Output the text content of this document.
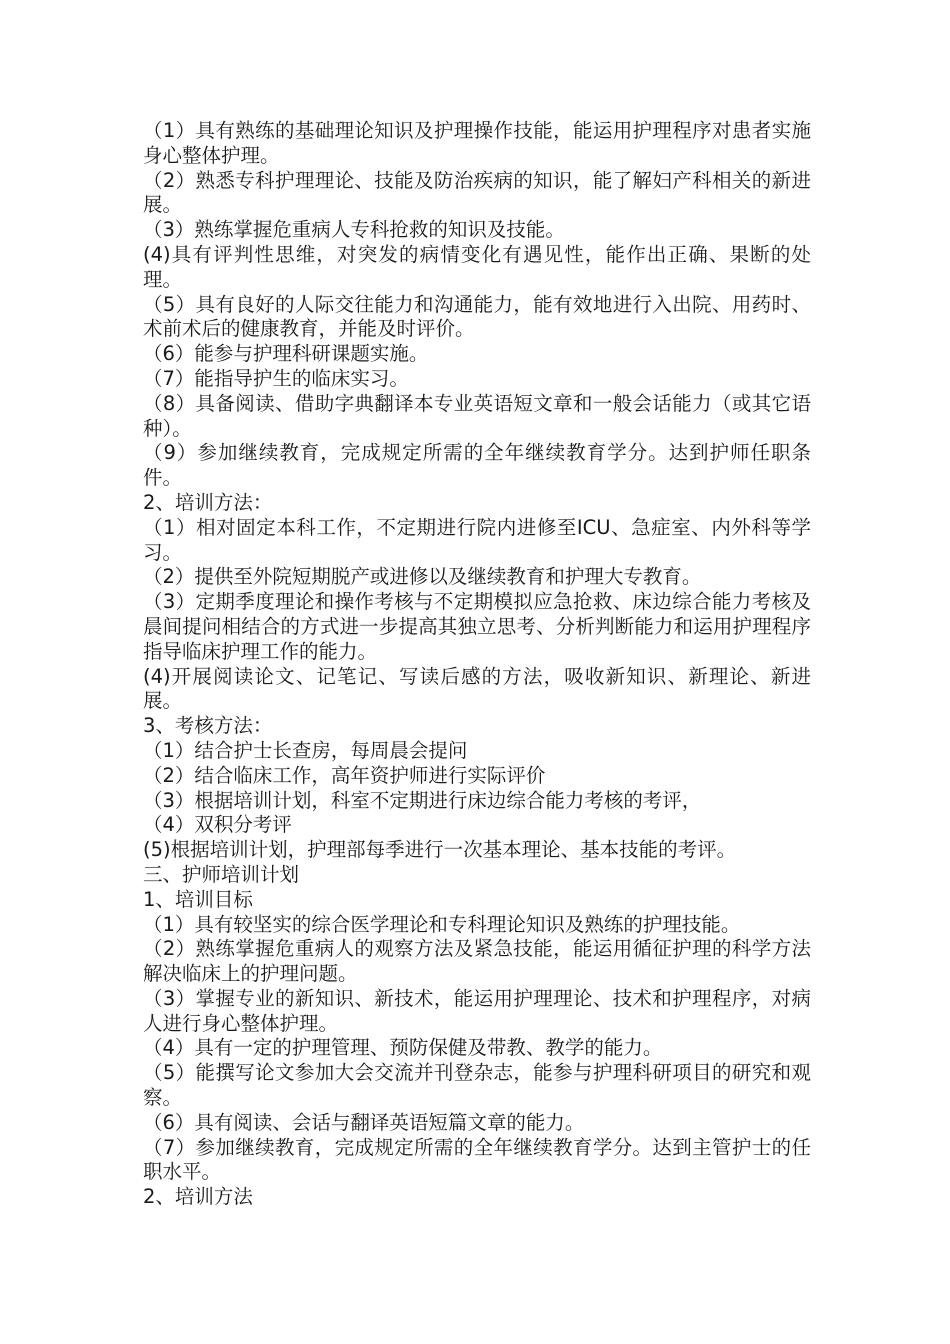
（1）具有熟练的基础理论知识及护理操作技能，能运用护理程序对患者实施身心整体护理。

（2）熟悉专科护理理论、技能及防治疾病的知识，能了解妇产科相关的新进展。

（3）熟练掌握危重病人专科抢救的知识及技能。

(4)具有评判性思维，对突发的病情变化有遇见性，能作出正确、果断的处理。

（5）具有良好的人际交往能力和沟通能力，能有效地进行入出院、用药时、术前术后的健康教育，并能及时评价。

（6）能参与护理科研课题实施。

（7）能指导护生的临床实习。

（8）具备阅读、借助字典翻译本专业英语短文章和一般会话能力（或其它语种）。

（9）参加继续教育，完成规定所需的全年继续教育学分。达到护师任职条件。

2、培训方法：

（1）相对固定本科工作，不定期进行院内进修至ICU、急症室、内外科等学习。

（2）提供至外院短期脱产或进修以及继续教育和护理大专教育。

（3）定期季度理论和操作考核与不定期模拟应急抢救、床边综合能力考核及晨间提问相结合的方式进一步提高其独立思考、分析判断能力和运用护理程序指导临床护理工作的能力。

(4)开展阅读论文、记笔记、写读后感的方法，吸收新知识、新理论、新进展。

3、考核方法：

（1）结合护士长查房，每周晨会提问

（2）结合临床工作，高年资护师进行实际评价

（3）根据培训计划，科室不定期进行床边综合能力考核的考评，

（4）双积分考评

(5)根据培训计划，护理部每季进行一次基本理论、基本技能的考评。

三、护师培训计划

1、培训目标

（1）具有较坚实的综合医学理论和专科理论知识及熟练的护理技能。

（2）熟练掌握危重病人的观察方法及紧急技能，能运用循征护理的科学方法解决临床上的护理问题。

（3）掌握专业的新知识、新技术，能运用护理理论、技术和护理程序，对病人进行身心整体护理。

（4）具有一定的护理管理、预防保健及带教、教学的能力。

（5）能撰写论文参加大会交流并刊登杂志，能参与护理科研项目的研究和观察。

（6）具有阅读、会话与翻译英语短篇文章的能力。

（7）参加继续教育，完成规定所需的全年继续教育学分。达到主管护士的任职水平。

2、培训方法
